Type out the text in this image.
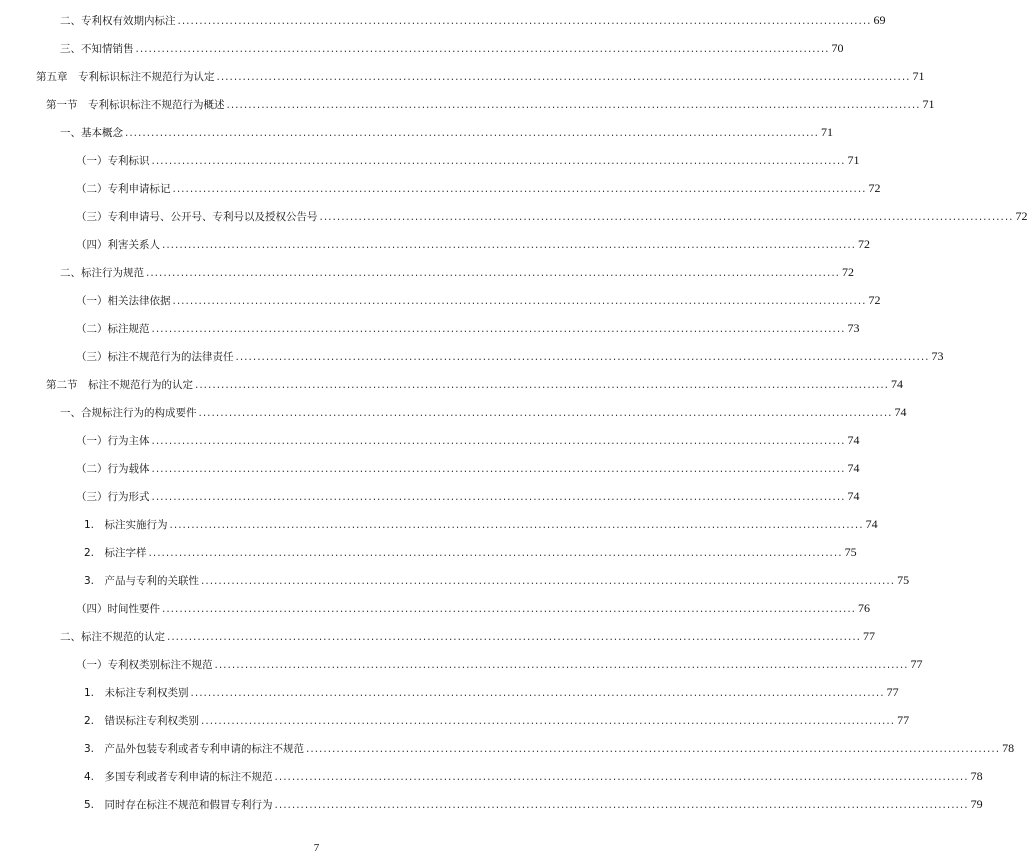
二、专利权有效期内标注 ................................................................................................................................................................ 69
三、不知情销售 ................................................................................................................................................................ 70
第五章　专利标识标注不规范行为认定 ................................................................................................................................................................ 71
第一节　专利标识标注不规范行为概述 ................................................................................................................................................................ 71
一、基本概念 ................................................................................................................................................................ 71
（一）专利标识 ................................................................................................................................................................ 71
（二）专利申请标记 ................................................................................................................................................................ 72
（三）专利申请号、公开号、专利号以及授权公告号 ................................................................................................................................................................ 72
（四）利害关系人 ................................................................................................................................................................ 72
二、标注行为规范 ................................................................................................................................................................ 72
（一）相关法律依据 ................................................................................................................................................................ 72
（二）标注规范 ................................................................................................................................................................ 73
（三）标注不规范行为的法律责任 ................................................................................................................................................................ 73
第二节　标注不规范行为的认定 ................................................................................................................................................................ 74
一、合规标注行为的构成要件 ................................................................................................................................................................ 74
（一）行为主体 ................................................................................................................................................................ 74
（二）行为载体 ................................................................................................................................................................ 74
（三）行为形式 ................................................................................................................................................................ 74
1.　标注实施行为 ................................................................................................................................................................ 74
2.　标注字样 ................................................................................................................................................................ 75
3.　产品与专利的关联性 ................................................................................................................................................................ 75
（四）时间性要件 ................................................................................................................................................................ 76
二、标注不规范的认定 ................................................................................................................................................................ 77
（一）专利权类别标注不规范 ................................................................................................................................................................ 77
1.　未标注专利权类别 ................................................................................................................................................................ 77
2.　错误标注专利权类别 ................................................................................................................................................................ 77
3.　产品外包装专利或者专利申请的标注不规范 ................................................................................................................................................................ 78
4.　多国专利或者专利申请的标注不规范 ................................................................................................................................................................ 78
5.　同时存在标注不规范和假冒专利行为 ................................................................................................................................................................ 79
7
